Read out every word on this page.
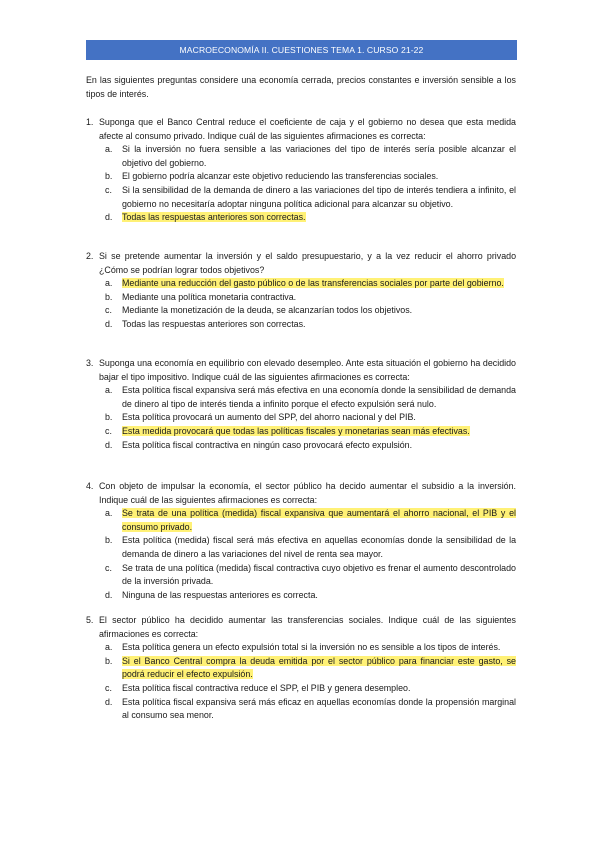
MACROECONOMÍA II. CUESTIONES TEMA 1. CURSO 21-22
En las siguientes preguntas considere una economía cerrada, precios constantes e inversión sensible a los tipos de interés.
1. Suponga que el Banco Central reduce el coeficiente de caja y el gobierno no desea que esta medida afecte al consumo privado. Indique cuál de las siguientes afirmaciones es correcta:
a.	Si la inversión no fuera sensible a las variaciones del tipo de interés sería posible alcanzar el objetivo del gobierno.
b.	El gobierno podría alcanzar este objetivo reduciendo las transferencias sociales.
c.	Si la sensibilidad de la demanda de dinero a las variaciones del tipo de interés tendiera a infinito, el gobierno no necesitaría adoptar ninguna política adicional para alcanzar su objetivo.
d.	Todas las respuestas anteriores son correctas.
2. Si se pretende aumentar la inversión y el saldo presupuestario, y a la vez reducir el ahorro privado ¿Cómo se podrían lograr todos objetivos?
a.	Mediante una reducción del gasto público o de las transferencias sociales por parte del gobierno.
b.	Mediante una política monetaria contractiva.
c.	Mediante la monetización de la deuda, se alcanzarían todos los objetivos.
d.	Todas las respuestas anteriores son correctas.
3. Suponga una economía en equilibrio con elevado desempleo. Ante esta situación el gobierno ha decidido bajar el tipo impositivo. Indique cuál de las siguientes afirmaciones es correcta:
a.	Esta política fiscal expansiva será más efectiva en una economía donde la sensibilidad de demanda de dinero al tipo de interés tienda a infinito porque el efecto expulsión será nulo.
b.	Esta política provocará un aumento del SPP, del ahorro nacional y del PIB.
c.	Esta medida provocará que todas las políticas fiscales y monetarias sean más efectivas.
d.	Esta política fiscal contractiva en ningún caso provocará efecto expulsión.
4. Con objeto de impulsar la economía, el sector público ha decido aumentar el subsidio a la inversión. Indique cuál de las siguientes afirmaciones es correcta:
a.	Se trata de una política (medida) fiscal expansiva que aumentará el ahorro nacional, el PIB y el consumo privado.
b.	Esta política (medida) fiscal será más efectiva en aquellas economías donde la sensibilidad de la demanda de dinero a las variaciones del nivel de renta sea mayor.
c.	Se trata de una política (medida) fiscal contractiva cuyo objetivo es frenar el aumento descontrolado de la inversión privada.
d.	Ninguna de las respuestas anteriores es correcta.
5. El sector público ha decidido aumentar las transferencias sociales. Indique cuál de las siguientes afirmaciones es correcta:
a.	Esta política genera un efecto expulsión total si la inversión no es sensible a los tipos de interés.
b.	Si el Banco Central compra la deuda emitida por el sector público para financiar este gasto, se podrá reducir el efecto expulsión.
c.	Esta política fiscal contractiva reduce el SPP, el PIB y genera desempleo.
d.	Esta política fiscal expansiva será más eficaz en aquellas economías donde la propensión marginal al consumo sea menor.
